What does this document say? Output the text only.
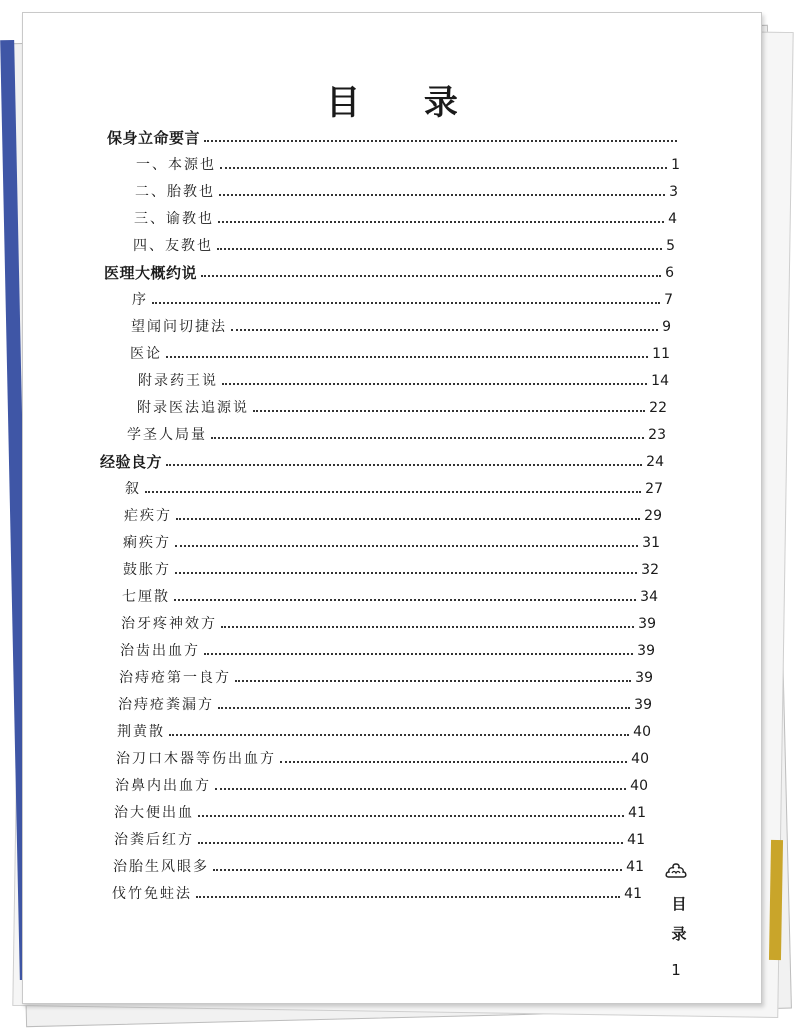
目 录
保身立命要言
一、本源也	1
二、胎教也	3
三、谕教也	4
四、友教也	5
医理大概约说	6
序	7
望闻问切捷法	9
医论	11
附录药王说	14
附录医法追源说	22
学圣人局量	23
经验良方	24
叙	27
疟疾方	29
痢疾方	31
鼓胀方	32
七厘散	34
治牙疼神效方	39
治齿出血方	39
治痔疮第一良方	39
治痔疮粪漏方	39
荆黄散	40
治刀口木器等伤出血方	40
治鼻内出血方	40
治大便出血	41
治粪后红方	41
治胎生风眼多	41
伐竹免蛀法	41
目 录
1
